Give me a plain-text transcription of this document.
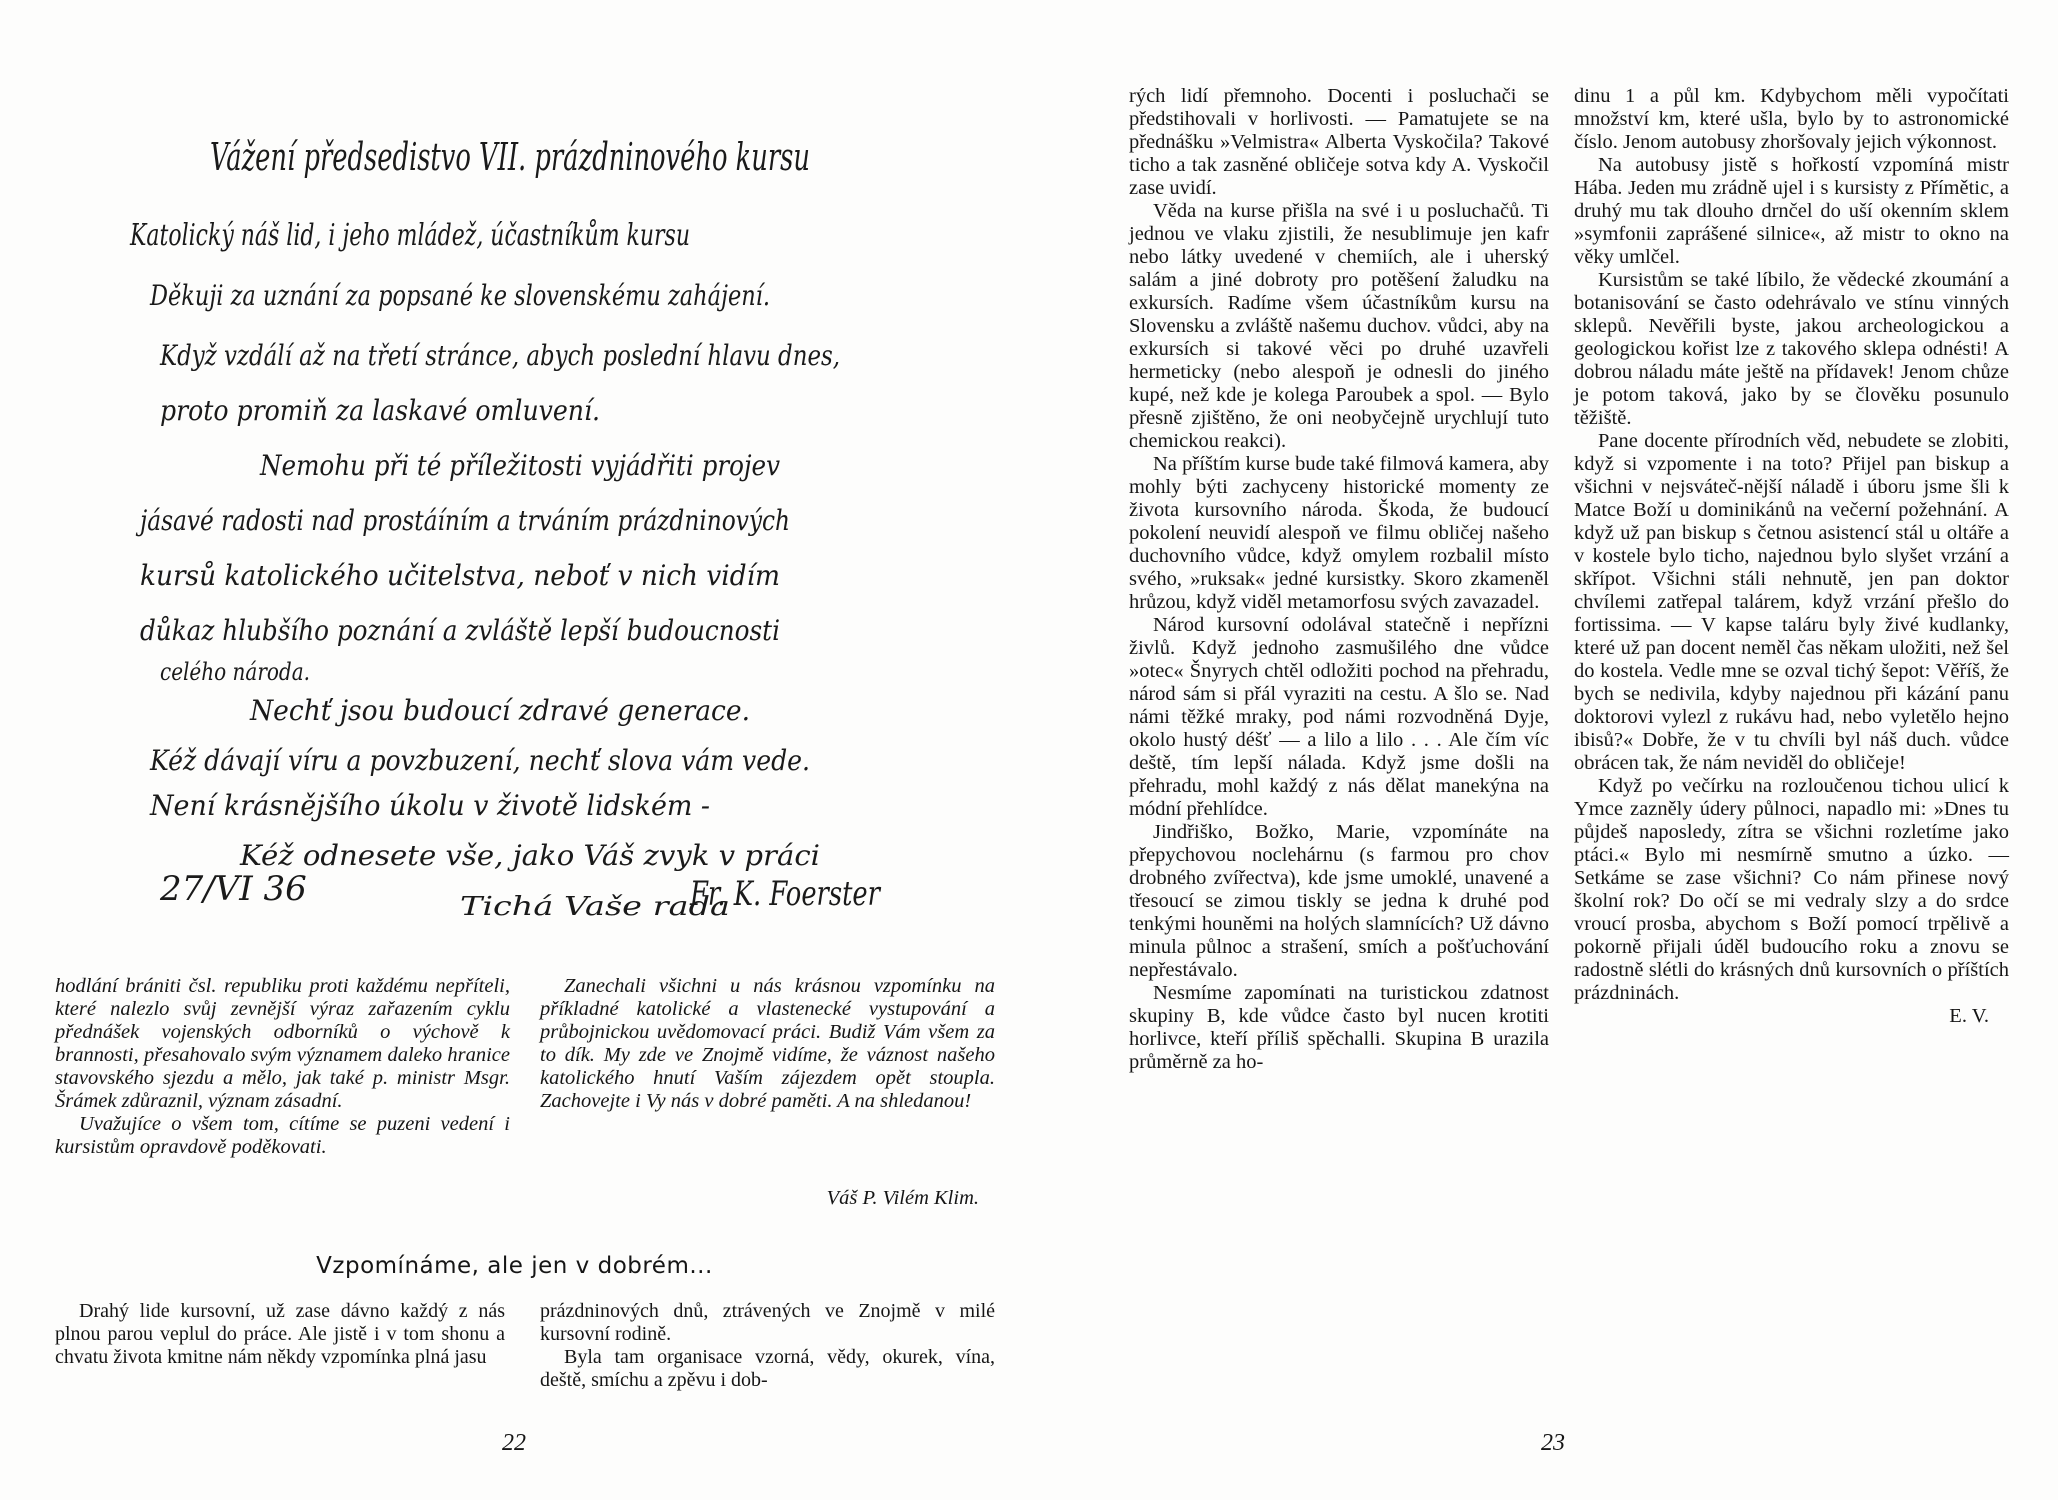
Vážení předsedistvo VII. prázdninového kursu
Katolický náš lid, i jeho mládež, účastníkům kursu
Děkuji za uznání za popsané ke slovenskému zahájení.
Když vzdálí až na třetí stránce, abych poslední hlavu dnes,
proto promiň za laskavé omluvení.
Nemohu při té příležitosti vyjádřiti projev
jásavé radosti nad prostáíním a trváním prázdninových
kursů katolického učitelstva, neboť v nich vidím
důkaz hlubšího poznání a zvláště lepší budoucnosti
celého národa.
Nechť jsou budoucí zdravé generace.
Kéž dávají víru a povzbuzení, nechť slova vám vede.
Není krásnějšího úkolu v životě lidském -
Kéž odnesete vše, jako Váš zvyk v práci
Tichá Vaše rada
27/VI 36	Fr. K. Foerster

hodlání brániti čsl. republiku proti každému nepříteli, které nalezlo svůj zevnější výraz zařazením cyklu přednášek vojenských odborníků o výchově k brannosti, přesahovalo svým významem daleko hranice stavovského sjezdu a mělo, jak také p. ministr Msgr. Šrámek zdůraznil, význam zásadní.

Uvažujíce o všem tom, cítíme se puzeni vedení i kursistům opravdově poděkovati.

Zanechali všichni u nás krásnou vzpomínku na příkladné katolické a vlastenecké vystupování a průbojnickou uvědomovací práci. Budiž Vám všem za to dík. My zde ve Znojmě vidíme, že váznost našeho katolického hnutí Vaším zájezdem opět stoupla. Zachovejte i Vy nás v dobré paměti. A na shledanou!

Váš P. Vilém Klim.
Vzpomínáme, ale jen v dobrém...

Drahý lide kursovní, už zase dávno každý z nás plnou parou veplul do práce. Ale jistě i v tom shonu a chvatu života kmitne nám někdy vzpomínka plná jasu

prázdninových dnů, ztrávených ve Znojmě v milé kursovní rodině.

Byla tam organisace vzorná, vědy, okurek, vína, deště, smíchu a zpěvu i dob-

22

rých lidí přemnoho. Docenti i posluchači se předstihovali v horlivosti. — Pamatujete se na přednášku »Velmistra« Alberta Vyskočila? Takové ticho a tak zasněné obličeje sotva kdy A. Vyskočil zase uvidí.

Věda na kurse přišla na své i u posluchačů. Ti jednou ve vlaku zjistili, že nesublimuje jen kafr nebo látky uvedené v chemiích, ale i uherský salám a jiné dobroty pro potěšení žaludku na exkursích. Radíme všem účastníkům kursu na Slovensku a zvláště našemu duchov. vůdci, aby na exkursích si takové věci po druhé uzavřeli hermeticky (nebo alespoň je odnesli do jiného kupé, než kde je kolega Paroubek a spol. — Bylo přesně zjištěno, že oni neobyčejně urychlují tuto chemickou reakci).

Na příštím kurse bude také filmová kamera, aby mohly býti zachyceny historické momenty ze života kursovního národa. Škoda, že budoucí pokolení neuvidí alespoň ve filmu obličej našeho duchovního vůdce, když omylem rozbalil místo svého, »ruksak« jedné kursistky. Skoro zkameněl hrůzou, když viděl metamorfosu svých zavazadel.

Národ kursovní odolával statečně i nepřízni živlů. Když jednoho zasmušilého dne vůdce »otec« Šnyrych chtěl odložiti pochod na přehradu, národ sám si přál vyraziti na cestu. A šlo se. Nad námi těžké mraky, pod námi rozvodněná Dyje, okolo hustý déšť — a lilo a lilo . . . Ale čím víc deště, tím lepší nálada. Když jsme došli na přehradu, mohl každý z nás dělat manekýna na módní přehlídce.

Jindřiško, Božko, Marie, vzpomínáte na přepychovou noclehárnu (s farmou pro chov drobného zvířectva), kde jsme umoklé, unavené a třesoucí se zimou tiskly se jedna k druhé pod tenkými houněmi na holých slamnících? Už dávno minula půlnoc a strašení, smích a pošťuchování nepřestávalo.

Nesmíme zapomínati na turistickou zdatnost skupiny B, kde vůdce často byl nucen krotiti horlivce, kteří příliš spěchalli. Skupina B urazila průměrně za ho-

dinu 1 a půl km. Kdybychom měli vypočítati množství km, které ušla, bylo by to astronomické číslo. Jenom autobusy zhoršovaly jejich výkonnost.

Na autobusy jistě s hořkostí vzpomíná mistr Hába. Jeden mu zrádně ujel i s kursisty z Přímětic, a druhý mu tak dlouho drnčel do uší okenním sklem »symfonii zaprášené silnice«, až mistr to okno na věky umlčel.

Kursistům se také líbilo, že vědecké zkoumání a botanisování se často odehrávalo ve stínu vinných sklepů. Nevěřili byste, jakou archeologickou a geologickou kořist lze z takového sklepa odnésti! A dobrou náladu máte ještě na přídavek! Jenom chůze je potom taková, jako by se člověku posunulo těžiště.

Pane docente přírodních věd, nebudete se zlobiti, když si vzpomente i na toto? Přijel pan biskup a všichni v nejsváteč-nější náladě i úboru jsme šli k Matce Boží u dominikánů na večerní požehnání. A když už pan biskup s četnou asistencí stál u oltáře a v kostele bylo ticho, najednou bylo slyšet vrzání a skřípot. Všichni stáli nehnutě, jen pan doktor chvílemi zatřepal talárem, když vrzání přešlo do fortissima. — V kapse taláru byly živé kudlanky, které už pan docent neměl čas někam uložiti, než šel do kostela. Vedle mne se ozval tichý šepot: Věříš, že bych se nedivila, kdyby najednou při kázání panu doktorovi vylezl z rukávu had, nebo vyletělo hejno ibisů?« Dobře, že v tu chvíli byl náš duch. vůdce obrácen tak, že nám neviděl do obličeje!

Když po večírku na rozloučenou tichou ulicí k Ymce zazněly údery půlnoci, napadlo mi: »Dnes tu půjdeš naposledy, zítra se všichni rozletíme jako ptáci.« Bylo mi nesmírně smutno a úzko. — Setkáme se zase všichni? Co nám přinese nový školní rok? Do očí se mi vedraly slzy a do srdce vroucí prosba, abychom s Boží pomocí trpělivě a pokorně přijali úděl budoucího roku a znovu se radostně slétli do krásných dnů kursovních o příštích prázdninách.

E. V.

23
